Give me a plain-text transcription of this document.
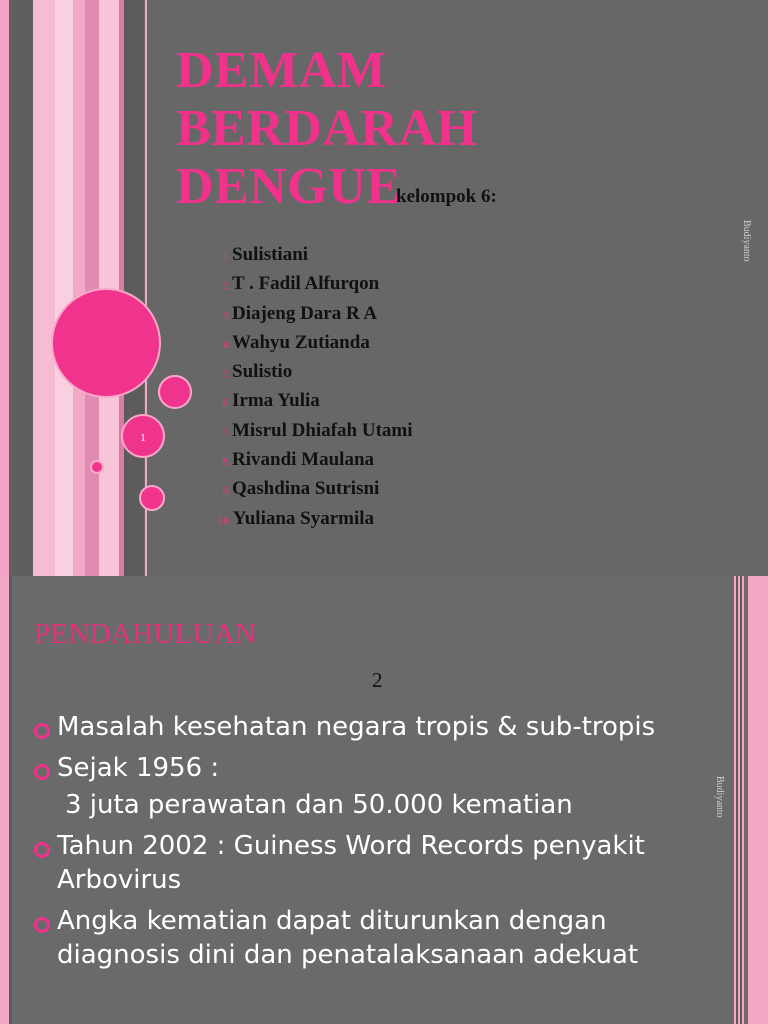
1
DEMAM
BERDARAH
DENGUE
kelompok 6:
1. Sulistiani
2. T . Fadil Alfurqon
3. Diajeng Dara R A
4. Wahyu Zutianda
5. Sulistio
6. Irma Yulia
7. Misrul Dhiafah Utami
8. Rivandi Maulana
9. Qashdina Sutrisni
10. Yuliana Syarmila
Budiyanto
PENDAHULUAN
2
Masalah kesehatan negara tropis & sub-tropis
Sejak 1956 :
3 juta perawatan dan 50.000 kematian
Tahun 2002 : Guiness Word Records penyakit Arbovirus
Angka kematian dapat diturunkan dengan diagnosis dini dan penatalaksanaan adekuat
Budiyanto
